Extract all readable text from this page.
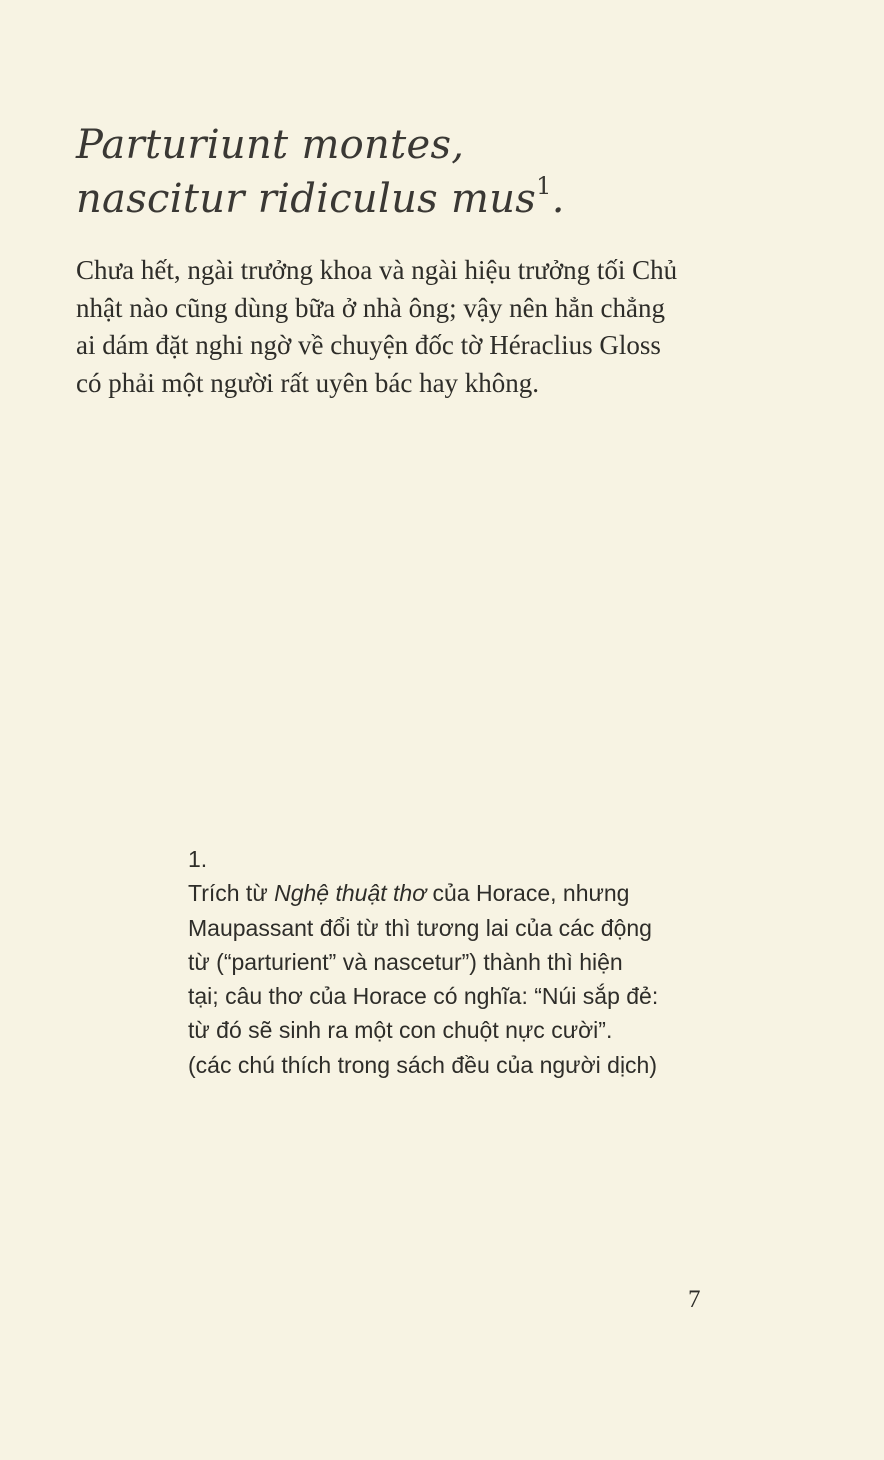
Parturiunt montes,
nascitur ridiculus mus$^1$.

Chưa hết, ngài trưởng khoa và ngài hiệu trưởng tối Chủ
nhật nào cũng dùng bữa ở nhà ông; vậy nên hẳn chẳng
ai dám đặt nghi ngờ về chuyện đốc tờ Héraclius Gloss
có phải một người rất uyên bác hay không.

1.
Trích từ Nghệ thuật thơ của Horace, nhưng
Maupassant đổi từ thì tương lai của các động
từ (“parturient” và nascetur”) thành thì hiện
tại; câu thơ của Horace có nghĩa: “Núi sắp đẻ:
từ đó sẽ sinh ra một con chuột nực cười”.
(các chú thích trong sách đều của người dịch)
7
